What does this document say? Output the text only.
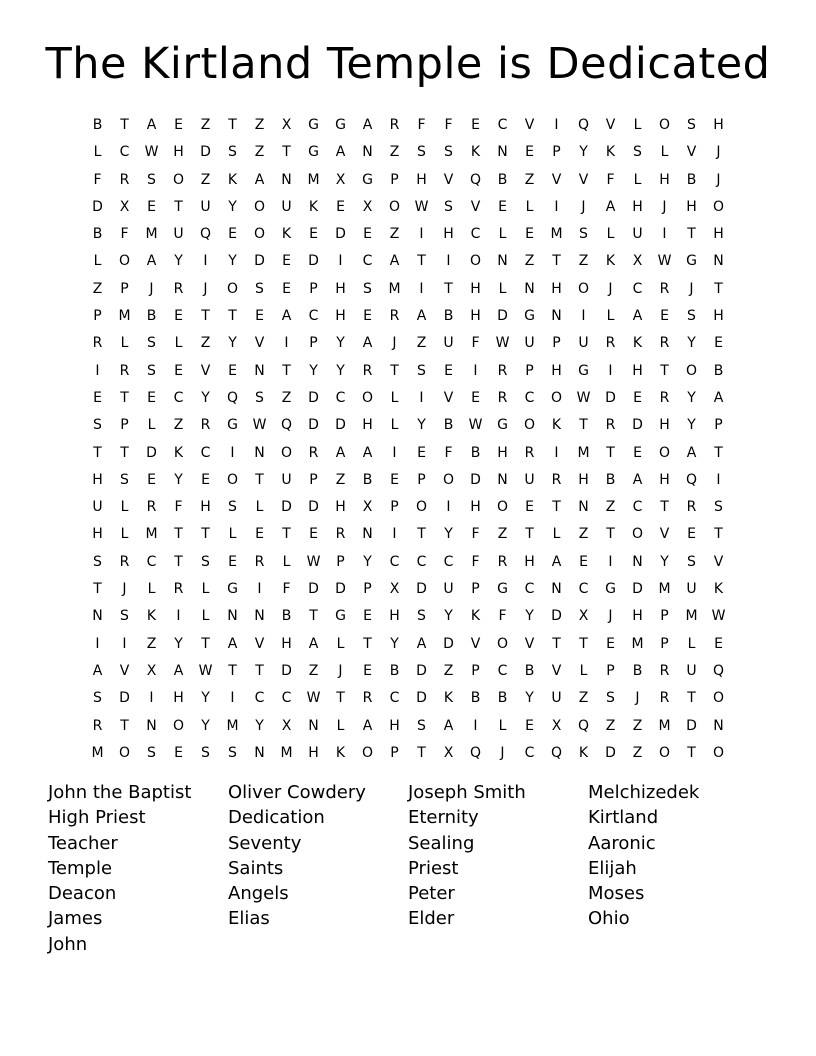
The Kirtland Temple is Dedicated
B	T	A	E	Z	T	Z	X	G	G	A	R	F	F	E	C	V	I	Q	V	L	O	S	H
L	C	W	H	D	S	Z	T	G	A	N	Z	S	S	K	N	E	P	Y	K	S	L	V	J
F	R	S	O	Z	K	A	N	M	X	G	P	H	V	Q	B	Z	V	V	F	L	H	B	J
D	X	E	T	U	Y	O	U	K	E	X	O	W	S	V	E	L	I	J	A	H	J	H	O
B	F	M	U	Q	E	O	K	E	D	E	Z	I	H	C	L	E	M	S	L	U	I	T	H
L	O	A	Y	I	Y	D	E	D	I	C	A	T	I	O	N	Z	T	Z	K	X	W	G	N
Z	P	J	R	J	O	S	E	P	H	S	M	I	T	H	L	N	H	O	J	C	R	J	T
P	M	B	E	T	T	E	A	C	H	E	R	A	B	H	D	G	N	I	L	A	E	S	H
R	L	S	L	Z	Y	V	I	P	Y	A	J	Z	U	F	W	U	P	U	R	K	R	Y	E
I	R	S	E	V	E	N	T	Y	Y	R	T	S	E	I	R	P	H	G	I	H	T	O	B
E	T	E	C	Y	Q	S	Z	D	C	O	L	I	V	E	R	C	O	W	D	E	R	Y	A
S	P	L	Z	R	G	W	Q	D	D	H	L	Y	B	W	G	O	K	T	R	D	H	Y	P
T	T	D	K	C	I	N	O	R	A	A	I	E	F	B	H	R	I	M	T	E	O	A	T
H	S	E	Y	E	O	T	U	P	Z	B	E	P	O	D	N	U	R	H	B	A	H	Q	I
U	L	R	F	H	S	L	D	D	H	X	P	O	I	H	O	E	T	N	Z	C	T	R	S
H	L	M	T	T	L	E	T	E	R	N	I	T	Y	F	Z	T	L	Z	T	O	V	E	T
S	R	C	T	S	E	R	L	W	P	Y	C	C	C	F	R	H	A	E	I	N	Y	S	V
T	J	L	R	L	G	I	F	D	D	P	X	D	U	P	G	C	N	C	G	D	M	U	K
N	S	K	I	L	N	N	B	T	G	E	H	S	Y	K	F	Y	D	X	J	H	P	M	W
I	I	Z	Y	T	A	V	H	A	L	T	Y	A	D	V	O	V	T	T	E	M	P	L	E
A	V	X	A	W	T	T	D	Z	J	E	B	D	Z	P	C	B	V	L	P	B	R	U	Q
S	D	I	H	Y	I	C	C	W	T	R	C	D	K	B	B	Y	U	Z	S	J	R	T	O
R	T	N	O	Y	M	Y	X	N	L	A	H	S	A	I	L	E	X	Q	Z	Z	M	D	N
M	O	S	E	S	S	N	M	H	K	O	P	T	X	Q	J	C	Q	K	D	Z	O	T	O
John the Baptist
High Priest
Teacher
Temple
Deacon
James
John
Oliver Cowdery
Dedication
Seventy
Saints
Angels
Elias
Joseph Smith
Eternity
Sealing
Priest
Peter
Elder
Melchizedek
Kirtland
Aaronic
Elijah
Moses
Ohio
